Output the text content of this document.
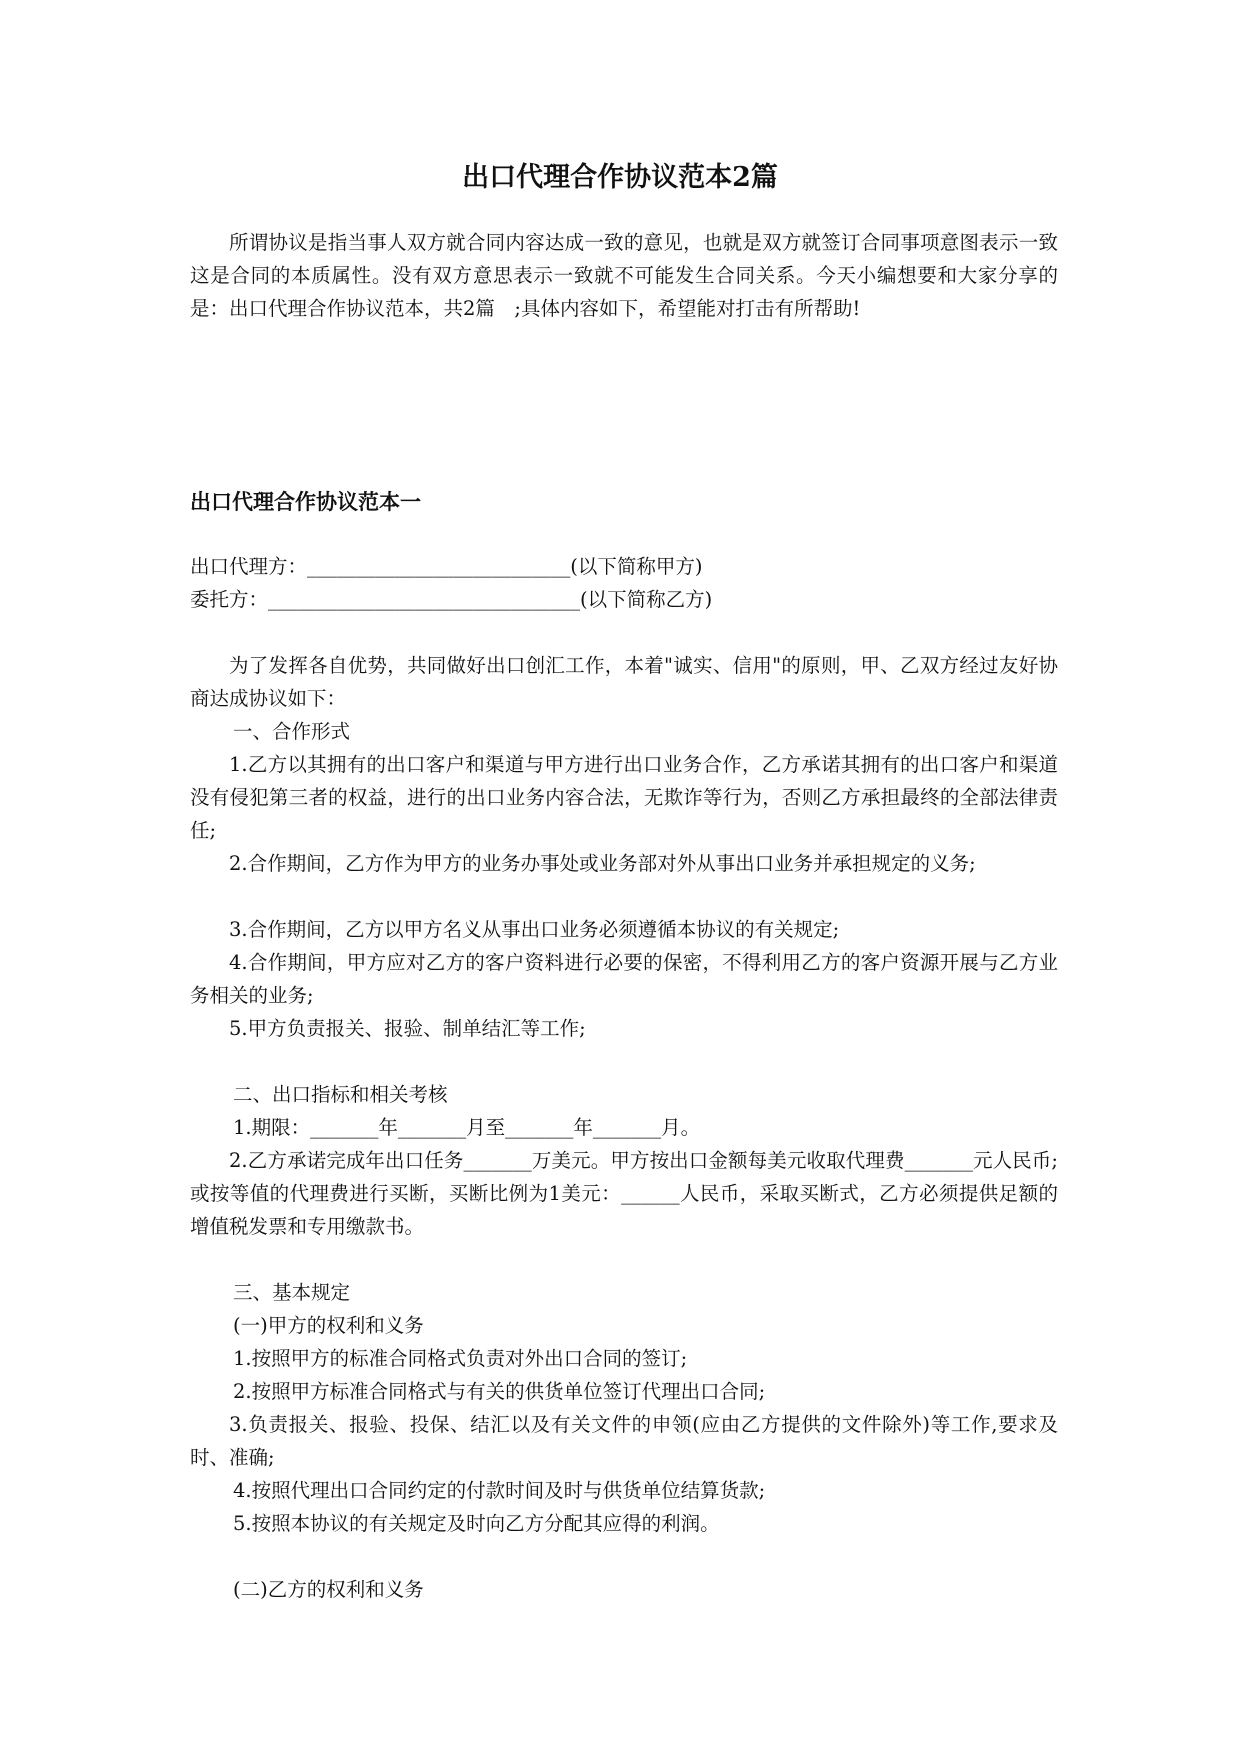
出口代理合作协议范本2篇

所谓协议是指当事人双方就合同内容达成一致的意见，也就是双方就签订合同事项意图表示一致这是合同的本质属性。没有双方意思表示一致就不可能发生合同关系。今天小编想要和大家分享的是：出口代理合作协议范本，共2篇　;具体内容如下，希望能对打击有所帮助!

出口代理合作协议范本一

出口代理方：___________________________(以下简称甲方)

委托方：________________________________(以下简称乙方)

为了发挥各自优势，共同做好出口创汇工作，本着"诚实、信用"的原则，甲、乙双方经过友好协商达成协议如下：

一、合作形式

1.乙方以其拥有的出口客户和渠道与甲方进行出口业务合作，乙方承诺其拥有的出口客户和渠道没有侵犯第三者的权益，进行的出口业务内容合法，无欺诈等行为，否则乙方承担最终的全部法律责任;

2.合作期间，乙方作为甲方的业务办事处或业务部对外从事出口业务并承担规定的义务;

3.合作期间，乙方以甲方名义从事出口业务必须遵循本协议的有关规定;

4.合作期间，甲方应对乙方的客户资料进行必要的保密，不得利用乙方的客户资源开展与乙方业务相关的业务;

5.甲方负责报关、报验、制单结汇等工作;

二、出口指标和相关考核

1.期限：_______年_______月至_______年_______月。

2.乙方承诺完成年出口任务_______万美元。甲方按出口金额每美元收取代理费_______元人民币;或按等值的代理费进行买断，买断比例为1美元：______人民币，采取买断式，乙方必须提供足额的增值税发票和专用缴款书。

三、基本规定

(一)甲方的权利和义务

1.按照甲方的标准合同格式负责对外出口合同的签订;

2.按照甲方标准合同格式与有关的供货单位签订代理出口合同;

3.负责报关、报验、投保、结汇以及有关文件的申领(应由乙方提供的文件除外)等工作,要求及时、准确;

4.按照代理出口合同约定的付款时间及时与供货单位结算货款;

5.按照本协议的有关规定及时向乙方分配其应得的利润。

(二)乙方的权利和义务
